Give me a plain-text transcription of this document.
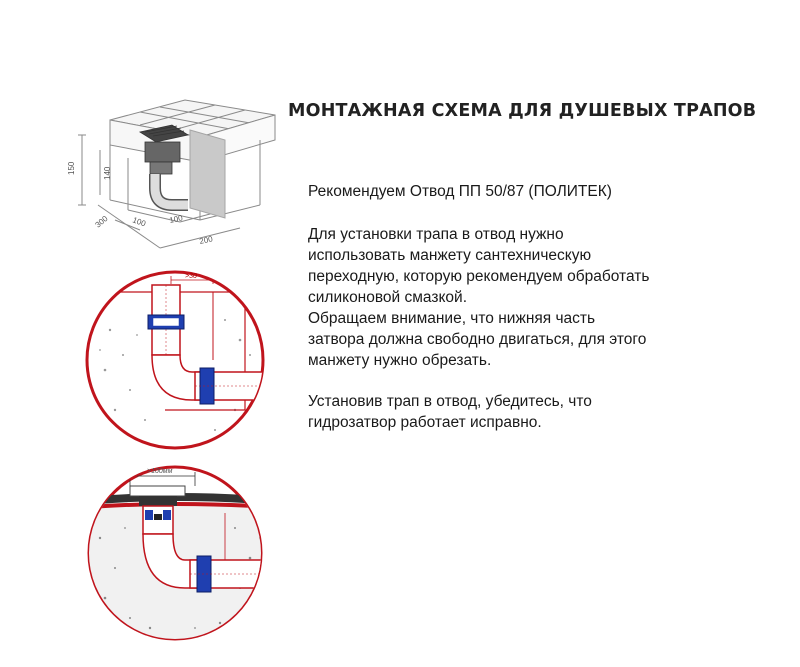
МОНТАЖНАЯ СХЕМА ДЛЯ ДУШЕВЫХ ТРАПОВ

Рекомендуем Отвод ПП 50/87 (ПОЛИТЕК)

Для установки трапа в отвод нужно
использовать манжету сантехническую
переходную, которую рекомендуем обработать
силиконовой смазкой.

Обращаем внимание, что нижняя часть
затвора должна свободно двигаться, для этого
манжету нужно обрезать.

Установив трап в отвод, убедитесь, что
гидрозатвор работает исправно.

150	140
100
100
200
300
>30
>100мм
